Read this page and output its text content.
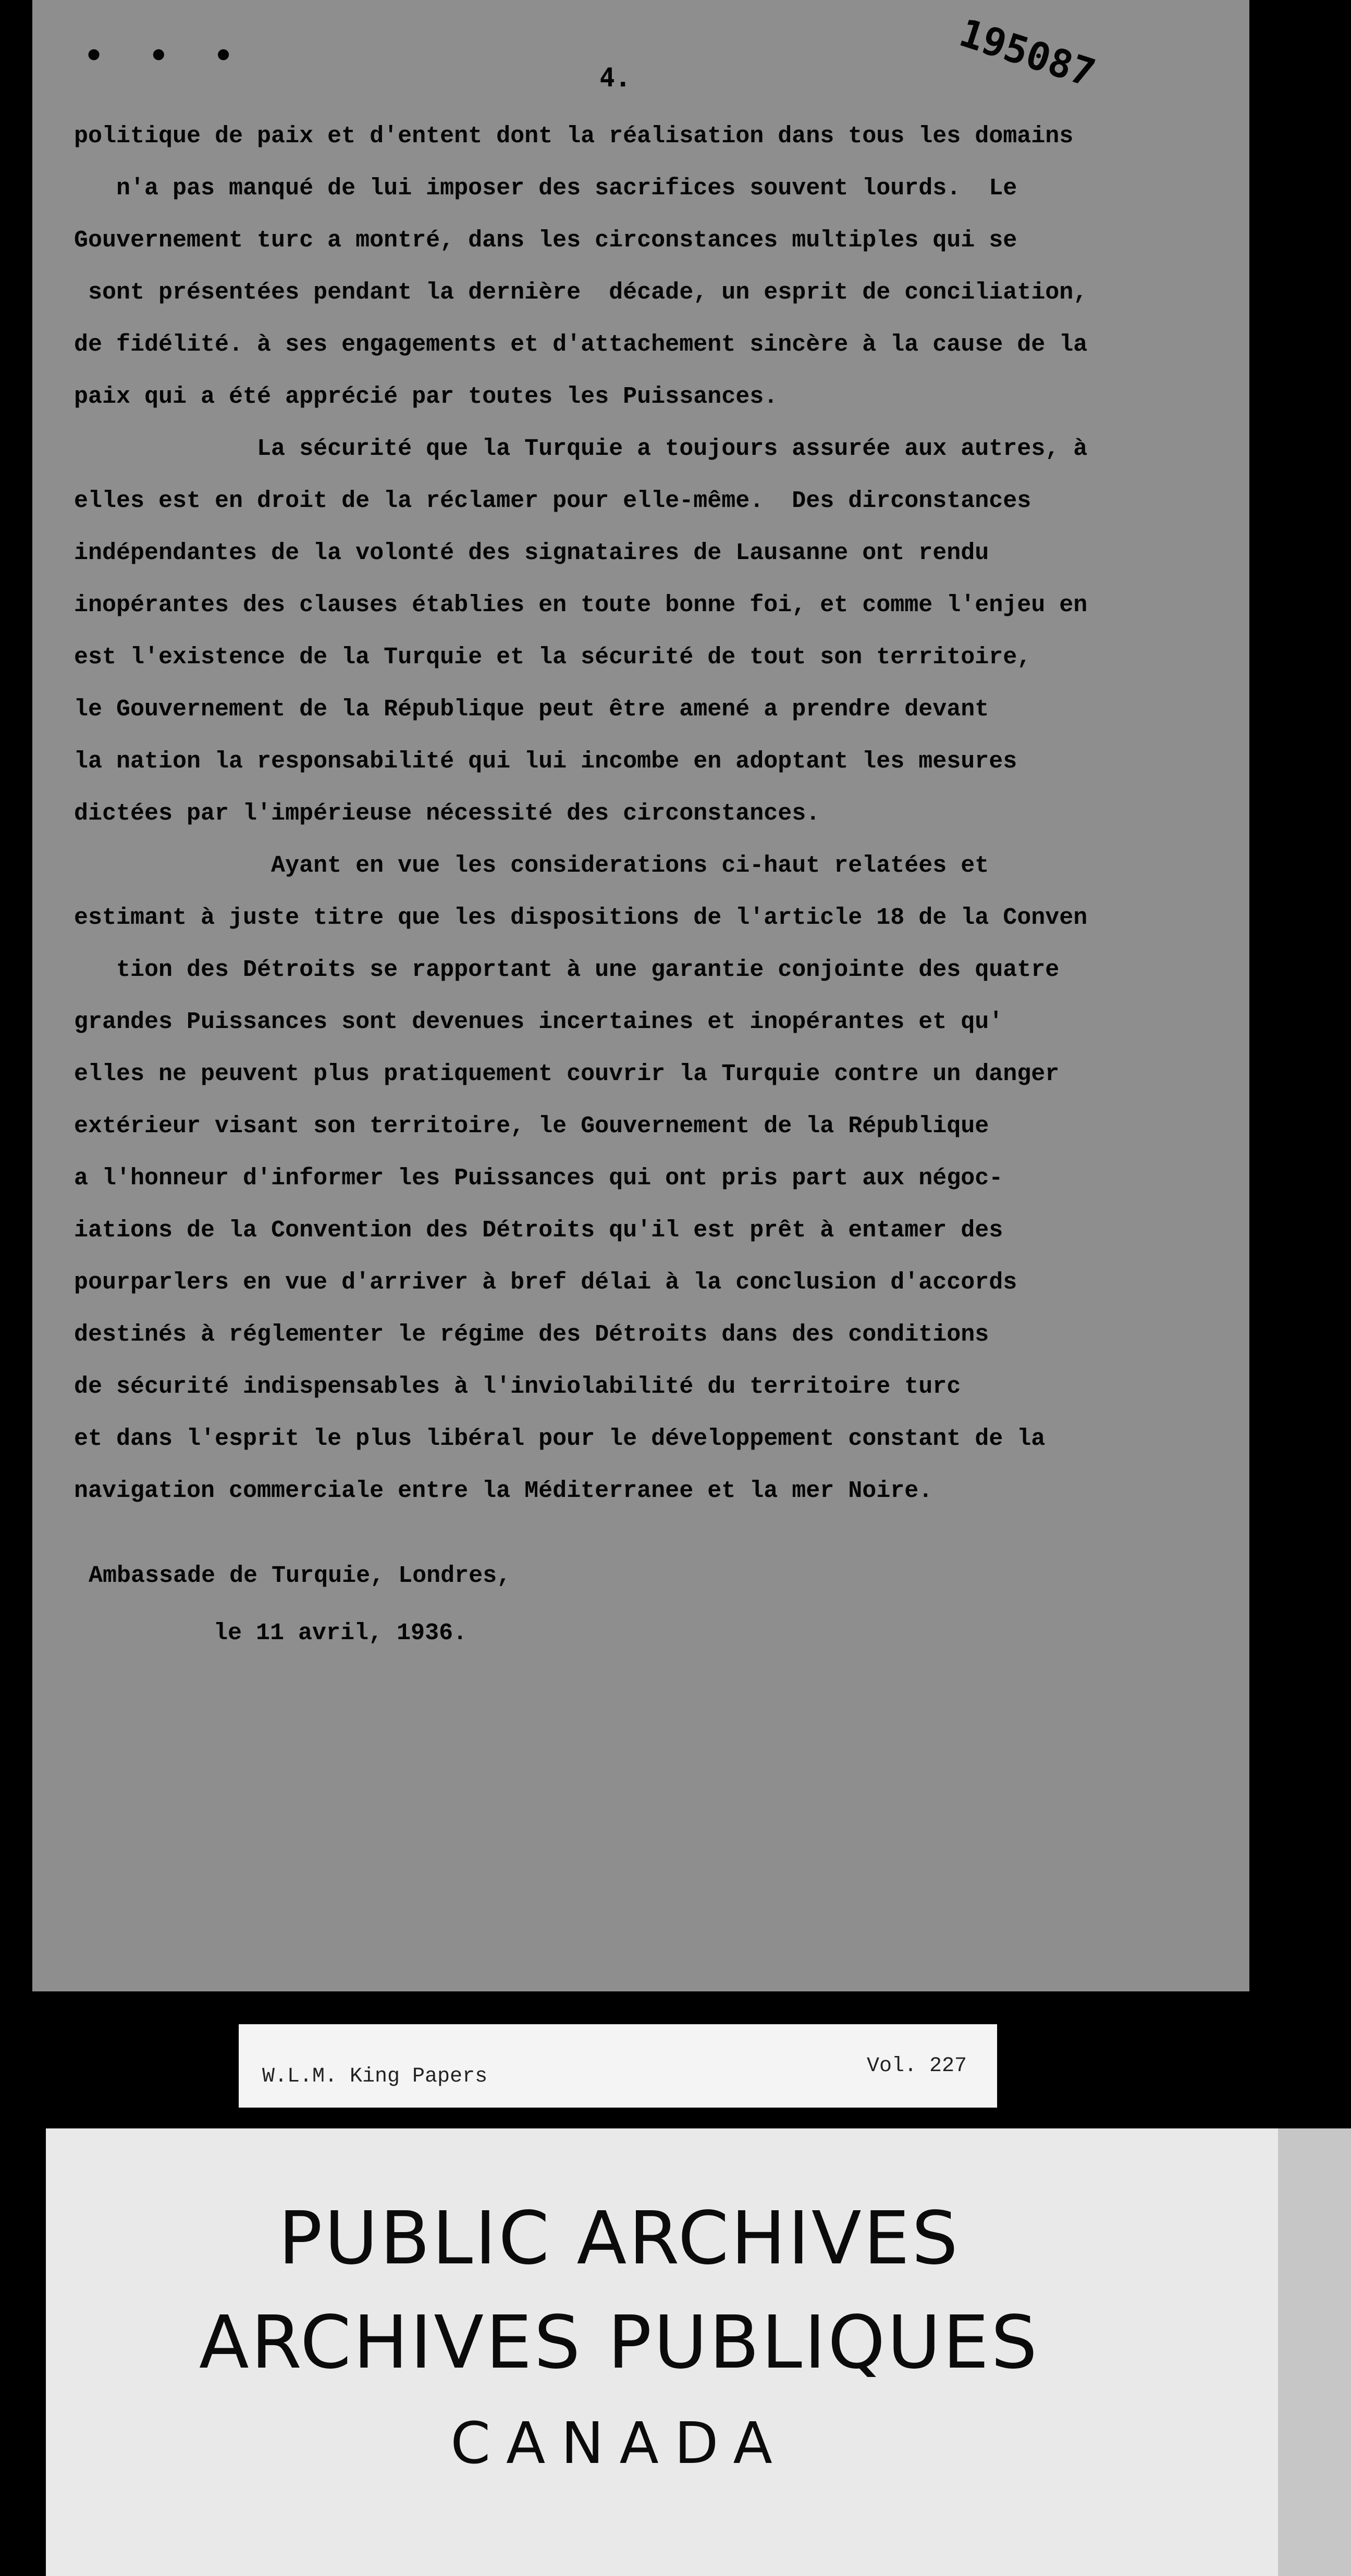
• • •	195087
4.
politique de paix et d'entent dont la réalisation dans tous les domains
n'a pas manqué de lui imposer des sacrifices souvent lourds.  Le
Gouvernement turc a montré, dans les circonstances multiples qui se
sont présentées pendant la dernière  décade, un esprit de conciliation,
de fidélité. à ses engagements et d'attachement sincère à la cause de la
paix qui a été apprécié par toutes les Puissances.
La sécurité que la Turquie a toujours assurée aux autres, à
elles est en droit de la réclamer pour elle-même.  Des dirconstances
indépendantes de la volonté des signataires de Lausanne ont rendu
inopérantes des clauses établies en toute bonne foi, et comme l'enjeu en
est l'existence de la Turquie et la sécurité de tout son territoire,
le Gouvernement de la République peut être amené a prendre devant
la nation la responsabilité qui lui incombe en adoptant les mesures
dictées par l'impérieuse nécessité des circonstances.
Ayant en vue les considerations ci-haut relatées et
estimant à juste titre que les dispositions de l'article 18 de la Conven
tion des Détroits se rapportant à une garantie conjointe des quatre
grandes Puissances sont devenues incertaines et inopérantes et qu'
elles ne peuvent plus pratiquement couvrir la Turquie contre un danger
extérieur visant son territoire, le Gouvernement de la République
a l'honneur d'informer les Puissances qui ont pris part aux négoc-
iations de la Convention des Détroits qu'il est prêt à entamer des
pourparlers en vue d'arriver à bref délai à la conclusion d'accords
destinés à réglementer le régime des Détroits dans des conditions
de sécurité indispensables à l'inviolabilité du territoire turc
et dans l'esprit le plus libéral pour le développement constant de la
navigation commerciale entre la Méditerranee et la mer Noire.
Ambassade de Turquie, Londres,
le 11 avril, 1936.
W.L.M. King Papers	Vol. 227
PUBLIC ARCHIVES
ARCHIVES PUBLIQUES
CANADA
